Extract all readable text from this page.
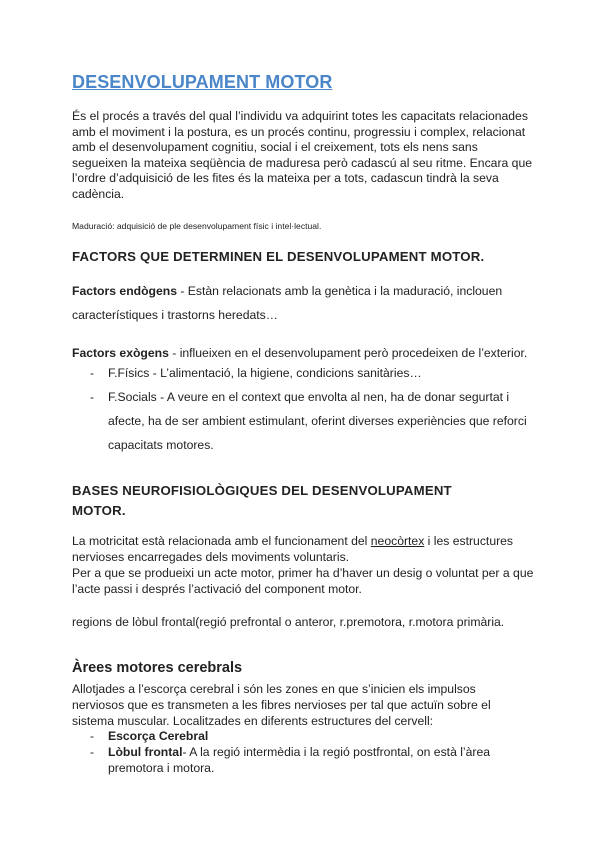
DESENVOLUPAMENT MOTOR
És el procés a través del qual l’individu va adquirint totes les capacitats relacionades amb el moviment i la postura, es un procés continu, progressiu i complex, relacionat amb el desenvolupament cognitiu, social i el creixement, tots els nens sans segueixen la mateixa seqüència de maduresa però cadascú al seu ritme. Encara que l’ordre d’adquisició de les fites és la mateixa per a tots, cadascun tindrà la seva cadència.
Maduració: adquisició de ple desenvolupament físic i intel·lectual.
FACTORS QUE DETERMINEN EL DESENVOLUPAMENT MOTOR.
Factors endògens - Estàn relacionats amb la genètica i la maduració, inclouen característiques i trastorns heredats…
Factors exògens - influeixen en el desenvolupament però procedeixen de l’exterior.
- F.Físics - L’alimentació, la higiene, condicions sanitàries…
- F.Socials - A veure en el context que envolta al nen, ha de donar segurtat i afecte, ha de ser ambient estimulant, oferint diverses experiències que reforci capacitats motores.
BASES NEUROFISIOLÒGIQUES DEL DESENVOLUPAMENT MOTOR.
La motricitat està relacionada amb el funcionament del neocòrtex i les estructures nervioses encarregades dels moviments voluntaris.
Per a que se produeixi un acte motor, primer ha d’haver un desig o voluntat per a que l’acte passi i després l’activació del component motor.
regions de lòbul frontal(regió prefrontal o anteror, r.premotora, r.motora primària.
Àrees motores cerebrals
Allotjades a l’escorça cerebral i són les zones en que s’inicien els impulsos nerviosos que es transmeten a les fibres nervioses per tal que actuïn sobre el sistema muscular. Localitzades en diferents estructures del cervell:
- Escorça Cerebral
- Lòbul frontal- A la regió intermèdia i la regió postfrontal, on està l’àrea premotora i motora.
